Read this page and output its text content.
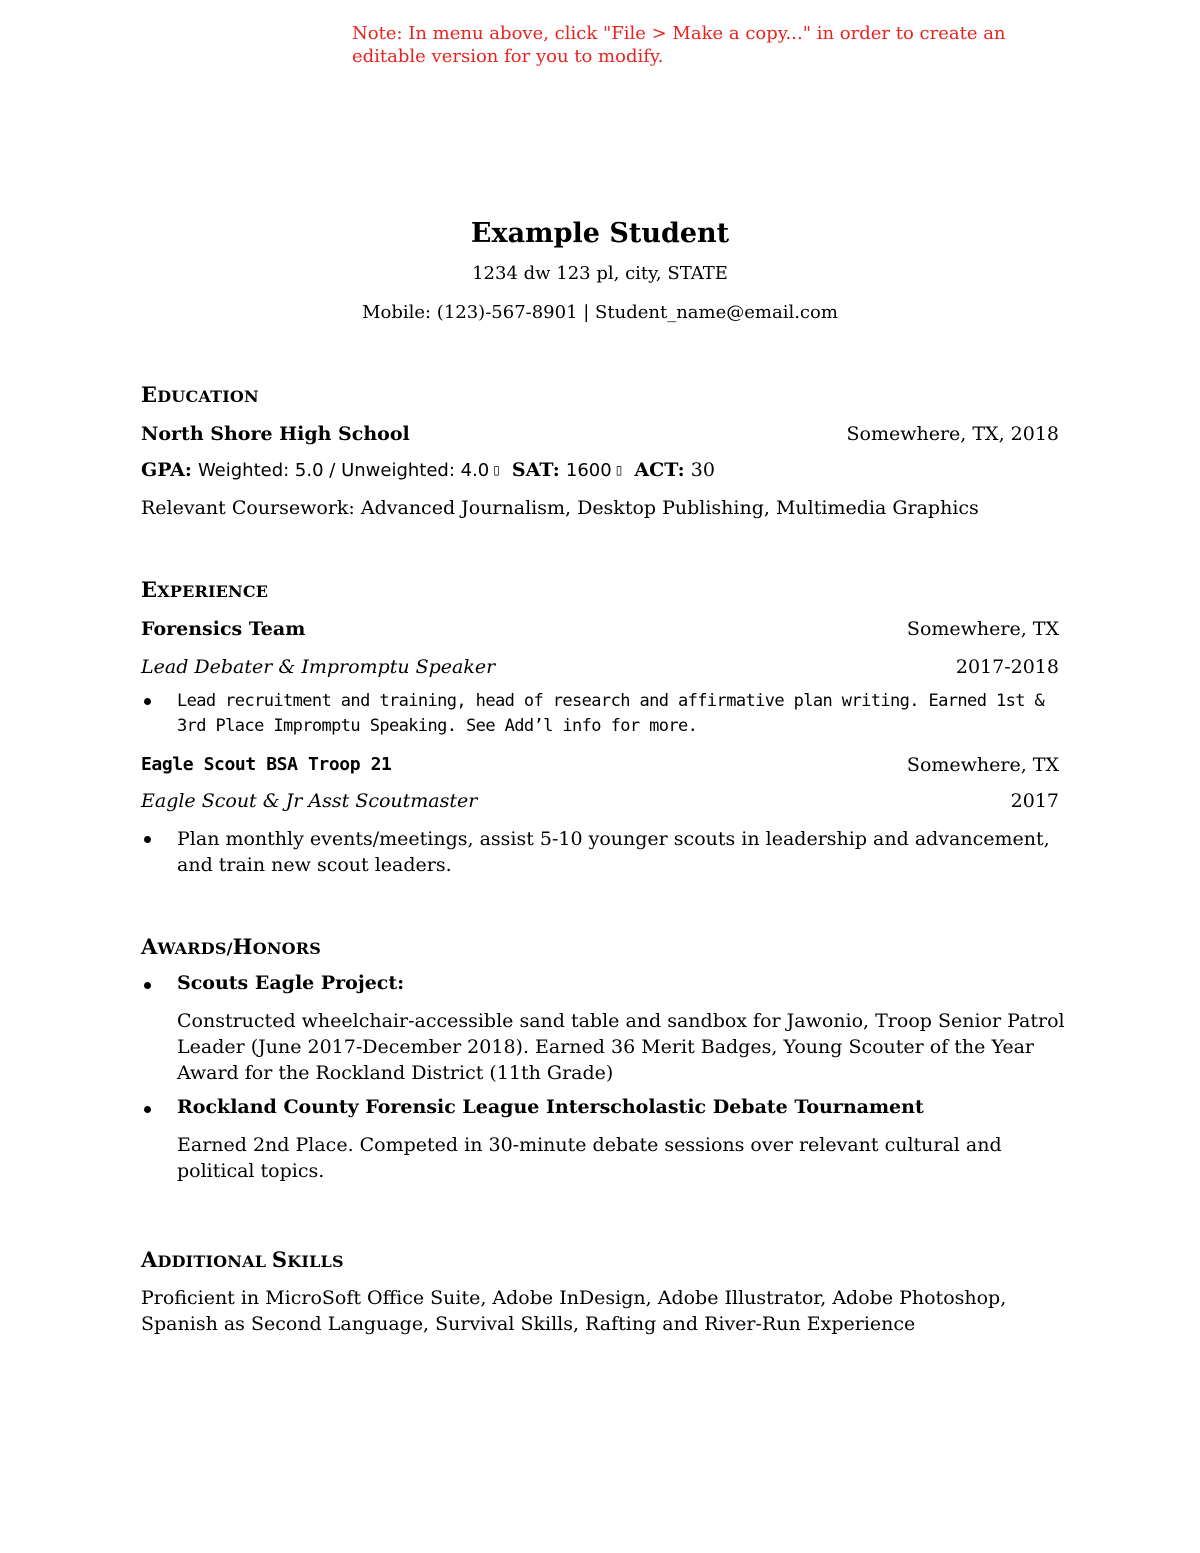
Note: In menu above, click "File > Make a copy..." in order to create an editable version for you to modify.
Example Student
1234 dw 123 pl, city, STATE
Mobile: (123)-567-8901 | Student_name@email.com
EDUCATION
North Shore High School	Somewhere, TX, 2018
GPA: Weighted: 5.0 / Unweighted: 4.0 ▯ SAT: 1600 ▯ ACT: 30
Relevant Coursework: Advanced Journalism, Desktop Publishing, Multimedia Graphics
EXPERIENCE
Forensics Team	Somewhere, TX
Lead Debater & Impromptu Speaker	2017-2018
Lead recruitment and training, head of research and affirmative plan writing. Earned 1st & 3rd Place Impromptu Speaking. See Add’l info for more.
Eagle Scout BSA Troop 21	Somewhere, TX
Eagle Scout & Jr Asst Scoutmaster	2017
Plan monthly events/meetings, assist 5-10 younger scouts in leadership and advancement, and train new scout leaders.
AWARDS/HONORS
Scouts Eagle Project:
Constructed wheelchair-accessible sand table and sandbox for Jawonio, Troop Senior Patrol Leader (June 2017-December 2018). Earned 36 Merit Badges, Young Scouter of the Year Award for the Rockland District (11th Grade)
Rockland County Forensic League Interscholastic Debate Tournament
Earned 2nd Place. Competed in 30-minute debate sessions over relevant cultural and political topics.
ADDITIONAL SKILLS
Proficient in MicroSoft Office Suite, Adobe InDesign, Adobe Illustrator, Adobe Photoshop, Spanish as Second Language, Survival Skills, Rafting and River-Run Experience
